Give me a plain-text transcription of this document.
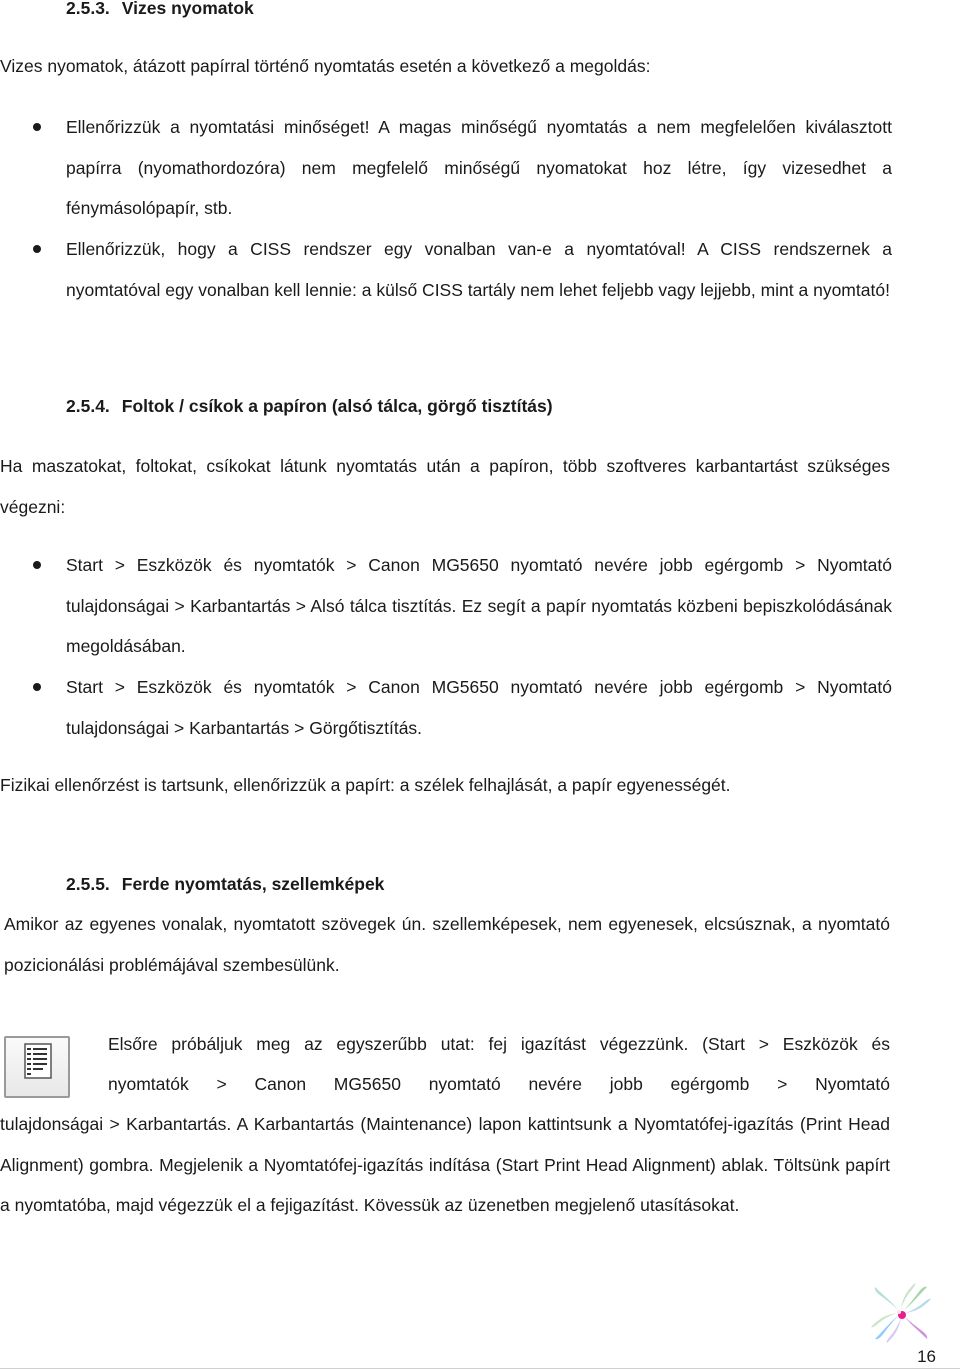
2.5.3. Vizes nyomatok
Vizes nyomatok, átázott papírral történő nyomtatás esetén a következő a megoldás:
Ellenőrizzük a nyomtatási minőséget! A magas minőségű nyomtatás a nem megfelelően kiválasztott papírra (nyomathordozóra) nem megfelelő minőségű nyomatokat hoz létre, így vizesedhet a fénymásolópapír, stb.
Ellenőrizzük, hogy a CISS rendszer egy vonalban van-e a nyomtatóval! A CISS rendszernek a nyomtatóval egy vonalban kell lennie: a külső CISS tartály nem lehet feljebb vagy lejjebb, mint a nyomtató!
2.5.4. Foltok / csíkok a papíron (alsó tálca, görgő tisztítás)
Ha maszatokat, foltokat, csíkokat látunk nyomtatás után a papíron, több szoftveres karbantartást szükséges végezni:
Start > Eszközök és nyomtatók > Canon MG5650 nyomtató nevére jobb egérgomb > Nyomtató tulajdonságai > Karbantartás > Alsó tálca tisztítás. Ez segít a papír nyomtatás közbeni bepiszkolódásának megoldásában.
Start > Eszközök és nyomtatók > Canon MG5650 nyomtató nevére jobb egérgomb > Nyomtató tulajdonságai > Karbantartás > Görgőtisztítás.
Fizikai ellenőrzést is tartsunk, ellenőrizzük a papírt: a szélek felhajlását, a papír egyenességét.
2.5.5. Ferde nyomtatás, szellemképek
Amikor az egyenes vonalak, nyomtatott szövegek ún. szellemképesek, nem egyenesek, elcsúsznak, a nyomtató pozicionálási problémájával szembesülünk.
Elsőre próbáljuk meg az egyszerűbb utat: fej igazítást végezzünk. (Start > Eszközök és
nyomtatók > Canon MG5650 nyomtató nevére jobb egérgomb > Nyomtató
tulajdonságai > Karbantartás. A Karbantartás (Maintenance) lapon kattintsunk a Nyomtatófej-igazítás (Print Head Alignment) gombra. Megjelenik a Nyomtatófej-igazítás indítása (Start Print Head Alignment) ablak. Töltsünk papírt a nyomtatóba, majd végezzük el a fejigazítást. Kövessük az üzenetben megjelenő utasításokat.
16
